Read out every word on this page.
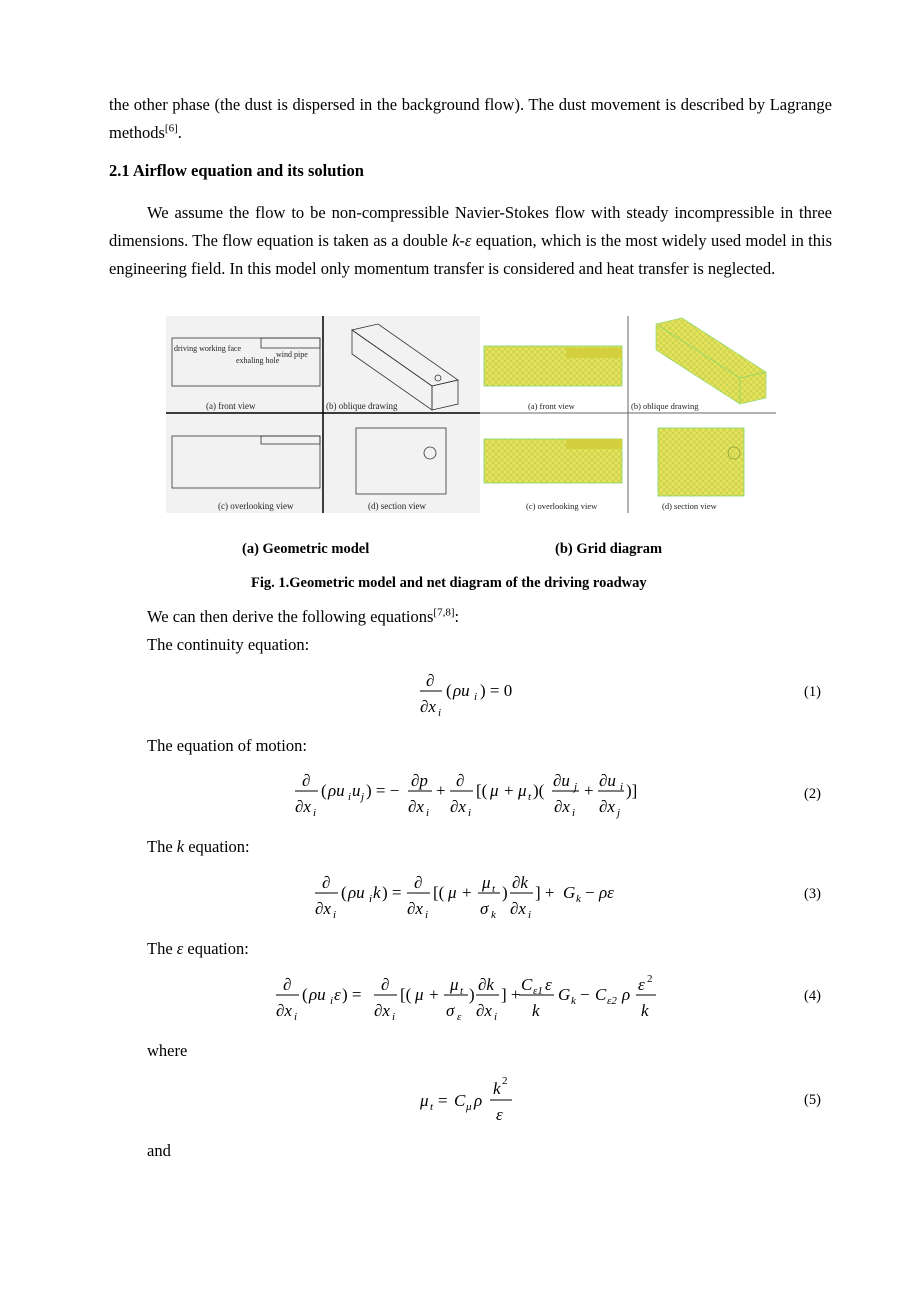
the other phase (the dust is dispersed in the background flow). The dust movement is described by Lagrange methods[6].
2.1 Airflow equation and its solution
We assume the flow to be non-compressible Navier-Stokes flow with steady incompressible in three dimensions. The flow equation is taken as a double k-ε equation, which is the most widely used model in this engineering field. In this model only momentum transfer is considered and heat transfer is neglected.
driving working face
exhaling hole
wind pipe
(a) front view	(b) oblique drawing
(c) overlooking view	(d) section view
(a) front view	(b) oblique drawing
(c) overlooking view	(d) section view
(a) Geometric model	(b) Grid diagram
Fig. 1.Geometric model and net diagram of the driving roadway
We can then derive the following equations[7,8]:
The continuity equation:
∂
∂x i
( ρu i ) = 0	(1)
The equation of motion:
∂
∂x i
( ρu i u j ) = −
∂p
∂x i
+
∂
∂x i
[( μ + μ t )(
∂u j
∂x i
+
∂u i
∂x j
)]	(2)
The k equation:
∂
∂x i
( ρu i k ) =
∂
∂x i
[( μ +
μ t
σ k
)
∂k
∂x i
] + G k − ρε	(3)
The ε equation:
∂
∂x i
( ρu i ε ) =
∂
∂x i
[( μ +
μ t
σ ε
)
∂k
∂x i
] +
C ε1 ε
k
G k − C ε2 ρ
ε 2
k
(4)
where
μ t = C μ ρ
k 2
ε
(5)
and
